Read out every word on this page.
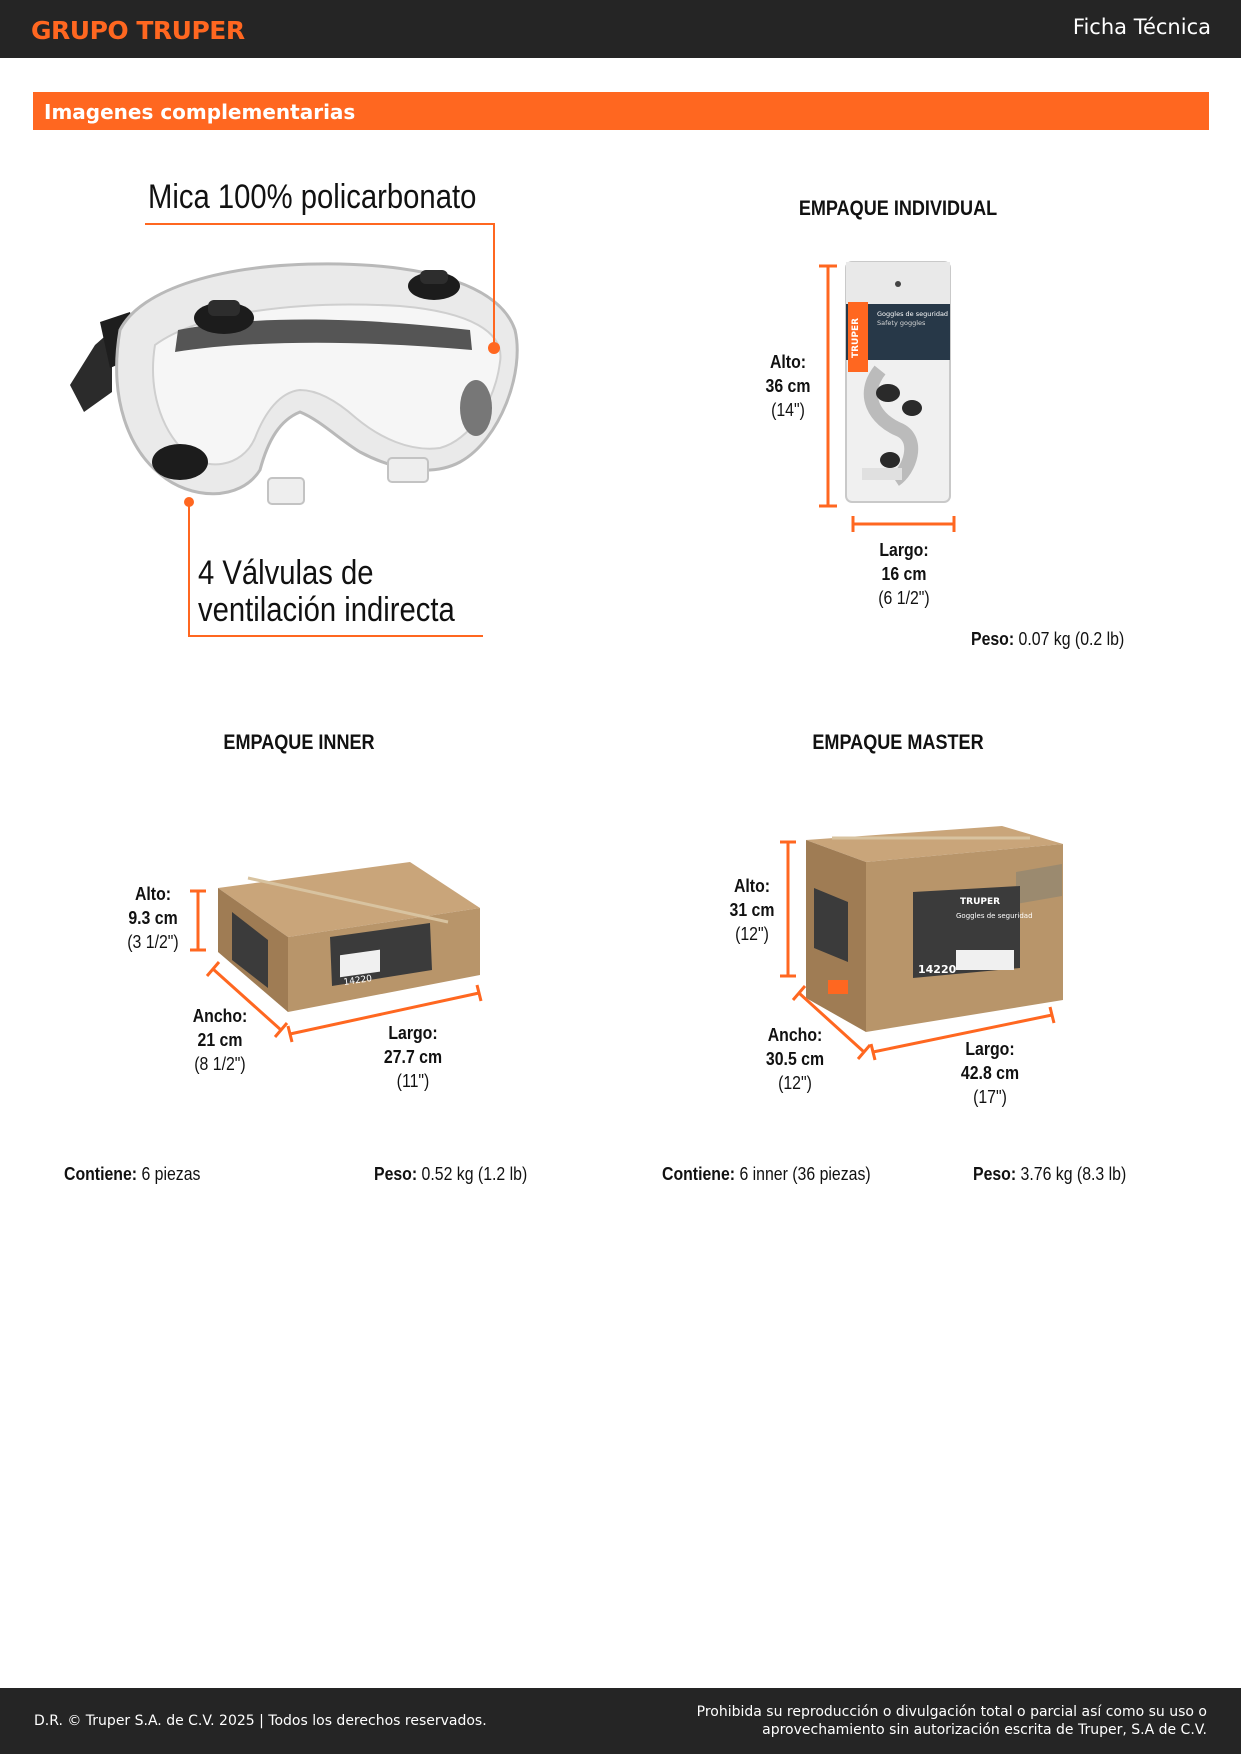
GRUPO TRUPER	Ficha Técnica
Imagenes complementarias
TRUPER
Goggles de seguridad
Safety goggles
14220
TRUPER
Goggles de seguridad
14220
Mica 100% policarbonato
4 Válvulas de
ventilación indirecta
EMPAQUE INDIVIDUAL
Alto:
36 cm
(14")
Largo:
16 cm
(6 1/2")
Peso: 0.07 kg (0.2 lb)
EMPAQUE INNER
Alto:
9.3 cm
(3 1/2")
Ancho:
21 cm
(8 1/2")
Largo:
27.7 cm
(11")
Contiene: 6 piezas	Peso: 0.52 kg (1.2 lb)
EMPAQUE MASTER
Alto:
31 cm
(12")
Ancho:
30.5 cm
(12")
Largo:
42.8 cm
(17")
Contiene: 6 inner (36 piezas)	Peso: 3.76 kg (8.3 lb)
D.R. © Truper S.A. de C.V. 2025 | Todos los derechos reservados.
Prohibida su reproducción o divulgación total o parcial así como su uso o
aprovechamiento sin autorización escrita de Truper, S.A de C.V.
